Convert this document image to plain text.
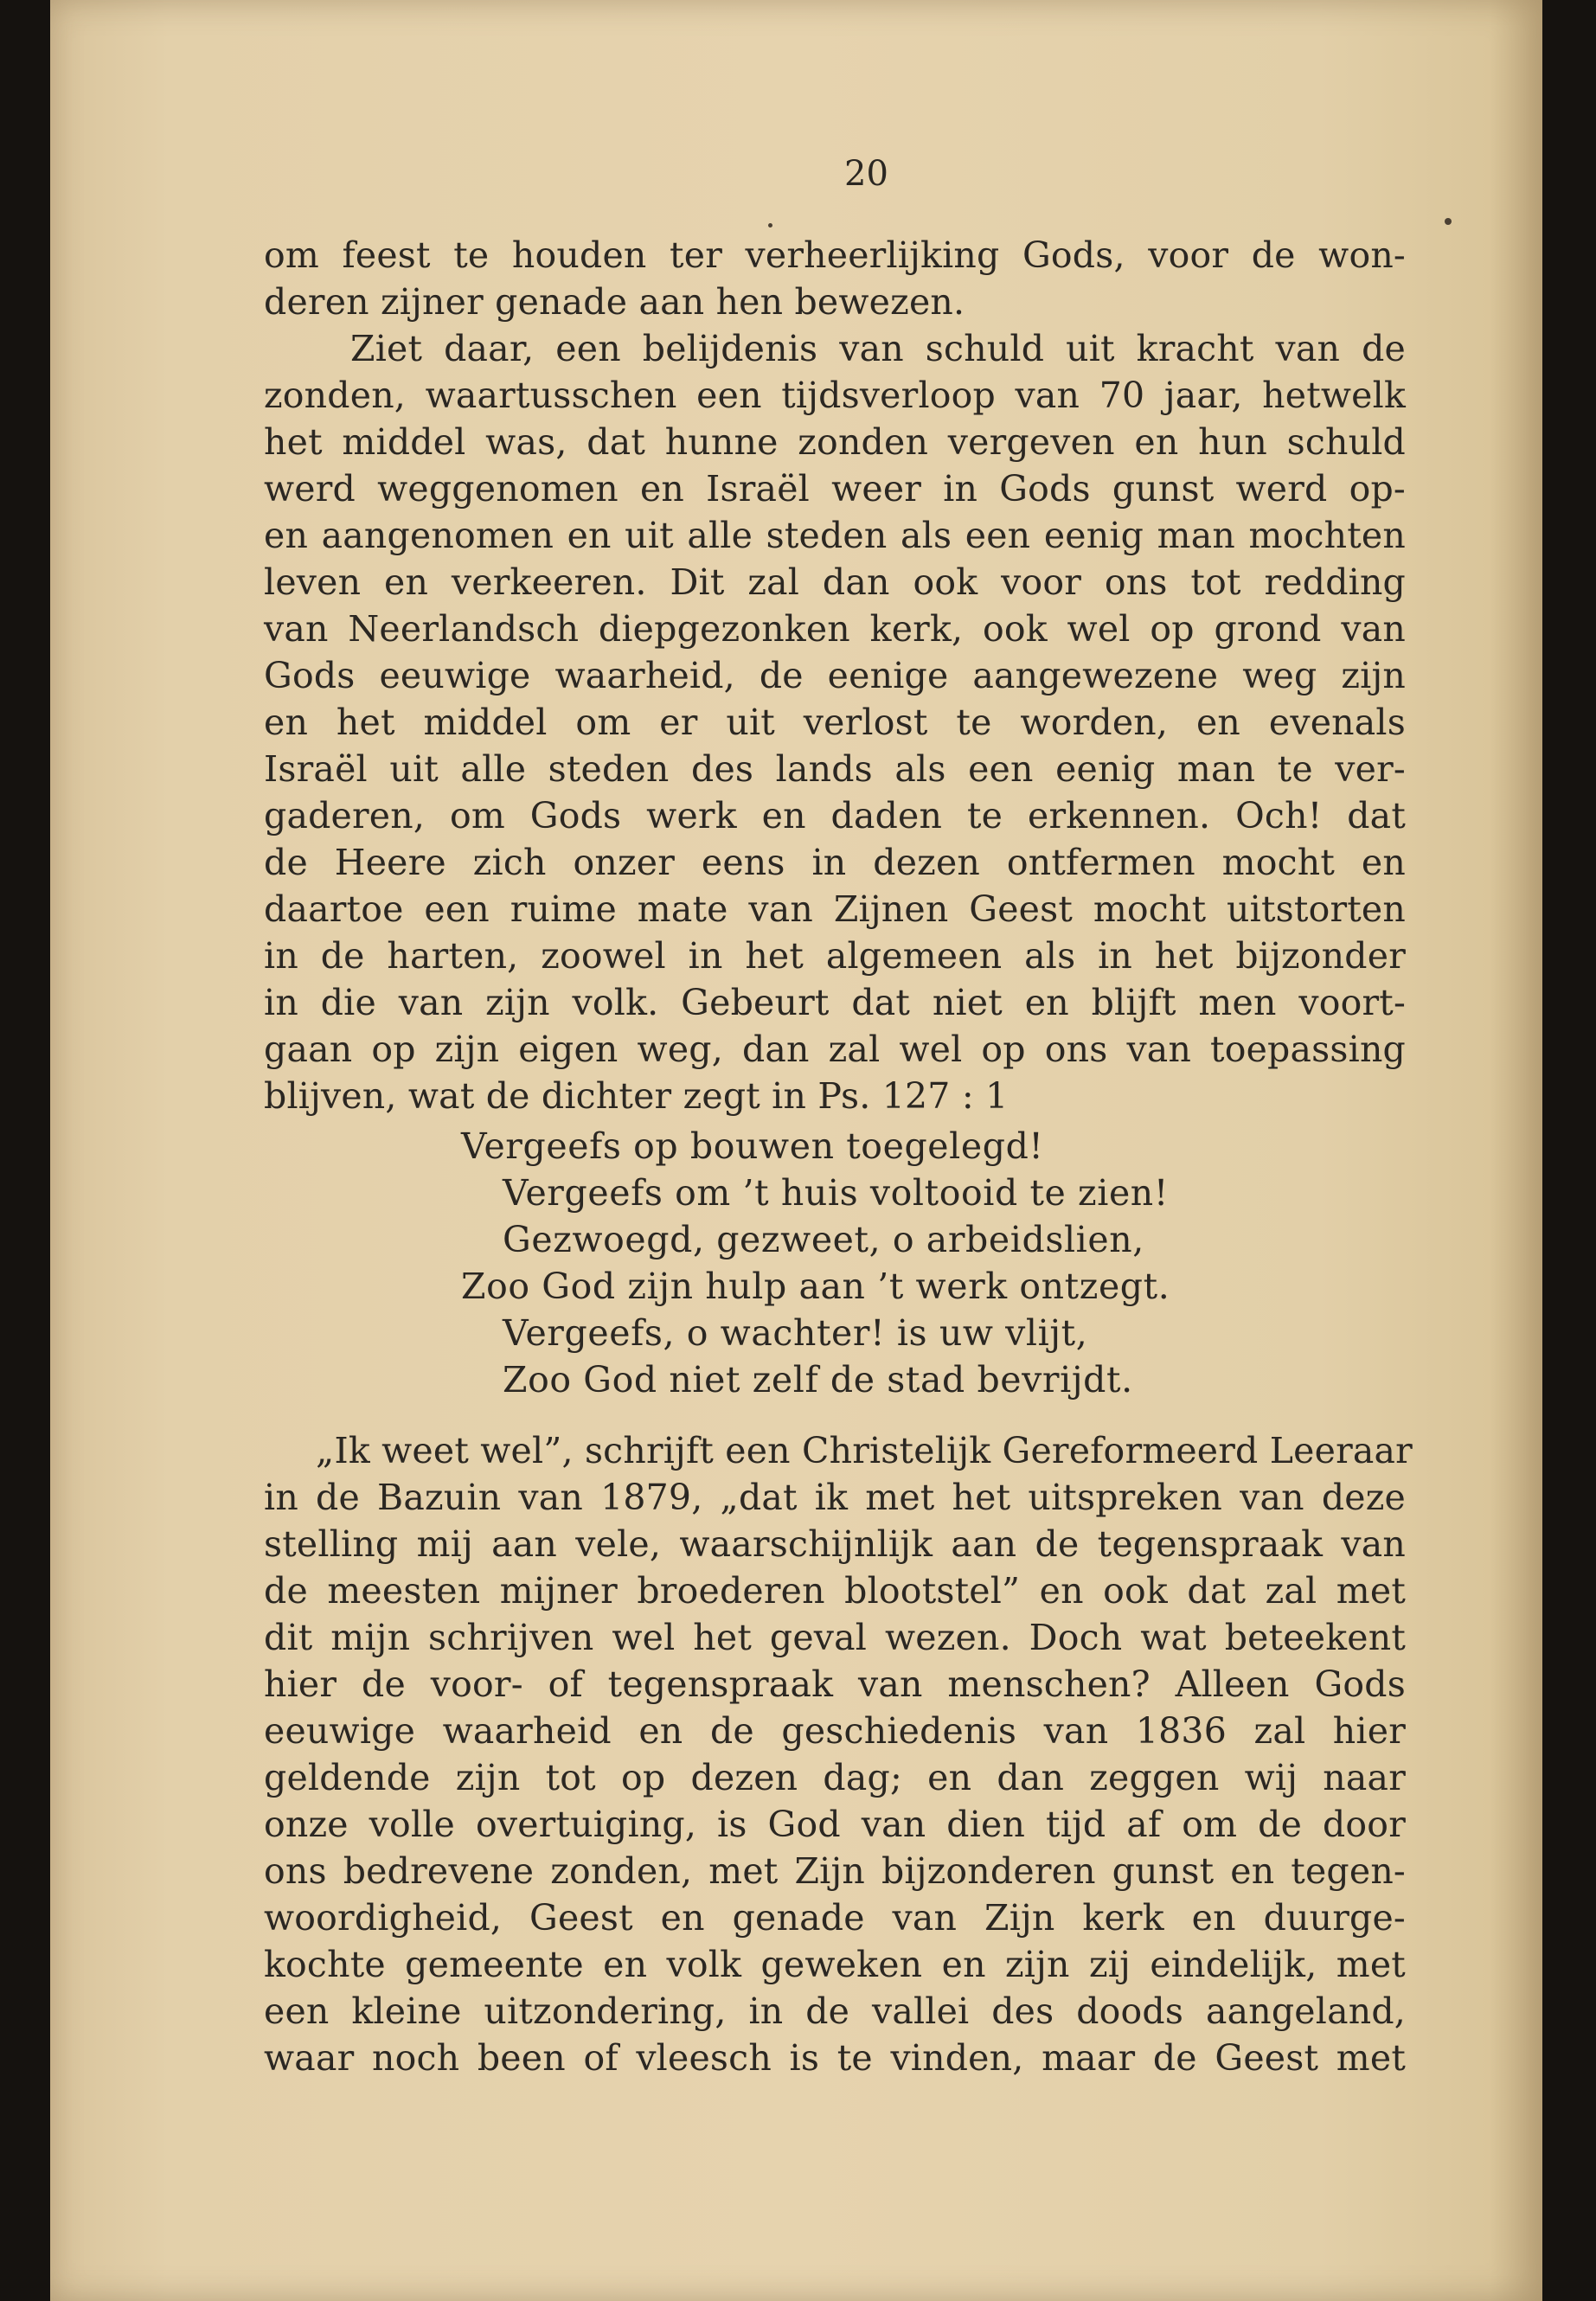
20
om feest te houden ter verheerlijking Gods, voor de won-
deren zijner genade aan hen bewezen.
Ziet daar, een belijdenis van schuld uit kracht van de
zonden, waartusschen een tijdsverloop van 70 jaar, hetwelk
het middel was, dat hunne zonden vergeven en hun schuld
werd weggenomen en Israël weer in Gods gunst werd op-
en aangenomen en uit alle steden als een eenig man mochten
leven en verkeeren. Dit zal dan ook voor ons tot redding
van Neerlandsch diepgezonken kerk, ook wel op grond van
Gods eeuwige waarheid, de eenige aangewezene weg zijn
en het middel om er uit verlost te worden, en evenals
Israël uit alle steden des lands als een eenig man te ver-
gaderen, om Gods werk en daden te erkennen. Och! dat
de Heere zich onzer eens in dezen ontfermen mocht en
daartoe een ruime mate van Zijnen Geest mocht uitstorten
in de harten, zoowel in het algemeen als in het bijzonder
in die van zijn volk. Gebeurt dat niet en blijft men voort-
gaan op zijn eigen weg, dan zal wel op ons van toepassing
blijven, wat de dichter zegt in Ps. 127 : 1
Vergeefs op bouwen toegelegd!
Vergeefs om ’t huis voltooid te zien!
Gezwoegd, gezweet, o arbeidslien,
Zoo God zijn hulp aan ’t werk ontzegt.
Vergeefs, o wachter! is uw vlijt,
Zoo God niet zelf de stad bevrijdt.
„Ik weet wel”, schrijft een Christelijk Gereformeerd Leeraar
in de Bazuin van 1879, „dat ik met het uitspreken van deze
stelling mij aan vele, waarschijnlijk aan de tegenspraak van
de meesten mijner broederen blootstel” en ook dat zal met
dit mijn schrijven wel het geval wezen. Doch wat beteekent
hier de voor- of tegenspraak van menschen? Alleen Gods
eeuwige waarheid en de geschiedenis van 1836 zal hier
geldende zijn tot op dezen dag; en dan zeggen wij naar
onze volle overtuiging, is God van dien tijd af om de door
ons bedrevene zonden, met Zijn bijzonderen gunst en tegen-
woordigheid, Geest en genade van Zijn kerk en duurge-
kochte gemeente en volk geweken en zijn zij eindelijk, met
een kleine uitzondering, in de vallei des doods aangeland,
waar noch been of vleesch is te vinden, maar de Geest met
